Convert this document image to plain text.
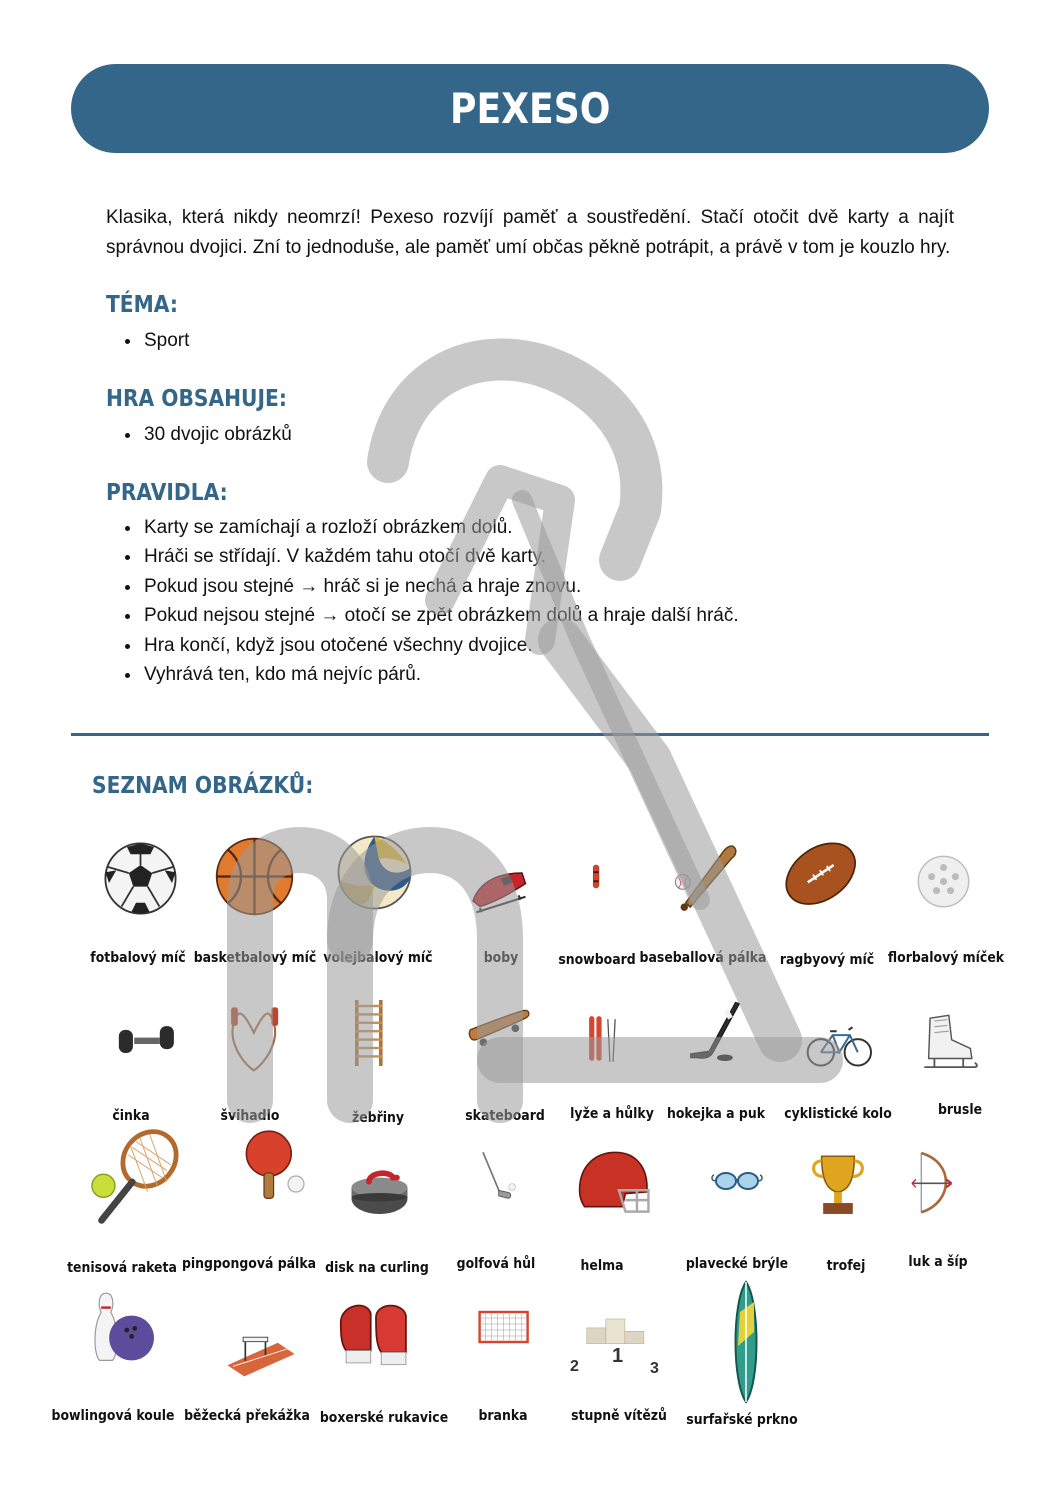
PEXESO

Klasika, která nikdy neomrzí! Pexeso rozvíjí paměť a soustředění. Stačí otočit dvě karty a najít správnou dvojici. Zní to jednoduše, ale paměť umí občas pěkně potrápit, a právě v tom je kouzlo hry.

TÉMA:
• Sport
HRA OBSAHUJE:
• 30 dvojic obrázků
PRAVIDLA:
• Karty se zamíchají a rozloží obrázkem dolů.
• Hráči se střídají. V každém tahu otočí dvě karty.
• Pokud jsou stejné → hráč si je nechá a hraje znovu.
• Pokud nejsou stejné → otočí se zpět obrázkem dolů a hraje další hráč.
• Hra končí, když jsou otočené všechny dvojice.
• Vyhrává ten, kdo má nejvíc párů.
SEZNAM OBRÁZKŮ:
fotbalový míč basketbalový míč volejbalový míč	boby	snowboard baseballová pálka ragbyový míč florbalový míček
činka	švihadlo	žebřiny	skateboard lyže a hůlky hokejka a puk cyklistické kolo	brusle
tenisová raketa pingpongová pálka disk na curling golfová hůl	helma	plavecké brýle	trofej	luk a šíp
bowlingová koule běžecká překážka boxerské rukavice branka
1
2	3
stupně vítězů surfařské prkno
